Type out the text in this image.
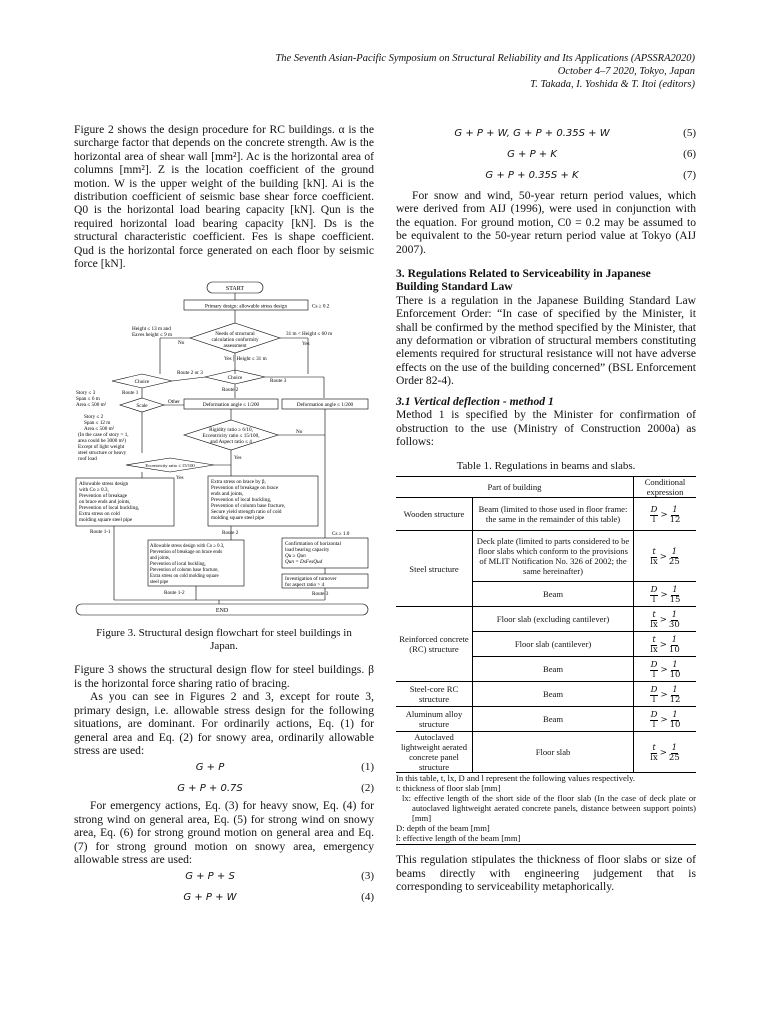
The Seventh Asian-Pacific Symposium on Structural Reliability and Its Applications (APSSRA2020)
October 4–7 2020, Tokyo, Japan
T. Takada, I. Yoshida & T. Itoi (editors)

Figure 2 shows the design procedure for RC buildings. α is the surcharge factor that depends on the concrete strength. Aw is the horizontal area of shear wall [mm²]. Ac is the horizontal area of columns [mm²]. Z is the location coefficient of the ground motion. W is the upper weight of the building [kN]. Ai is the distribution coefficient of seismic base shear force coefficient. Q0 is the horizontal load bearing capacity [kN]. Qun is the required horizontal load bearing capacity [kN]. Ds is the structural characteristic coefficient. Fes is shape coefficient. Qud is the horizontal force generated on each floor by seismic force [kN].

START
Primary design: allowable stress design	Cs ≥ 0.2
Needs of structural
calculation conformity
assessment
Height ≤ 13 m and
Eaves height ≤ 9 m	31 m < Height ≤ 60 m
No	Yes
Yes│ Height ≤ 31 m
Choice
Choice
Route 2 or 3
Route 1	Route 2
Route 3
Story ≤ 3
Span ≤ 6 m
Area ≤ 500 m²	Scale
Other	Deformation angle ≤ 1/200	Deformation angle ≤ 1/200
Story ≤ 2
Span ≤ 12 m
Area ≤ 500 m²
(In the case of story = 1,
area could be 3000 m²)
Except of light weight
steel structure or heavy
roof load
Rigidity ratio ≥ 6/10,
Eccentricity ratio ≤ 15/100,
and Aspect ratio ≤ 4
No
Yes
Eccentricity ratio ≤ 15/100
Yes
Allowable stress design
with Co ≥ 0.3,
Prevention of breakage
on brace ends and joints,
Prevention of local buckling,
Extra stress on cold
molding square steel pipe
Route 1-1
Extra stress on brace by β,
Prevention of breakage on brace
ends and joints,
Prevention of local buckling,
Prevention of column base fracture,
Secure yield strength ratio of cold
molding square steel pipe
Route 2	Cs ≥ 1.0
Allowable stress design with Co ≥ 0.3,
Prevention of breakage on brace ends
and joints,
Prevention of local buckling,
Prevention of column base fracture,
Extra stress on cold molding square
steel pipe
Route 1-2
Confirmation of horizontal
load bearing capacity
Qu ≥ Qun
Qun = DsFesQud
Investigation of turnover
for aspect ratio > 4
Route 3
END
Figure 3. Structural design flowchart for steel buildings in Japan.

Figure 3 shows the structural design flow for steel buildings. β is the horizontal force sharing ratio of bracing.

As you can see in Figures 2 and 3, except for route 3, primary design, i.e. allowable stress design for the following situations, are dominant. For ordinarily actions, Eq. (1) for general area and Eq. (2) for snowy area, ordinarily allowable stress are used:

G + P	(1)
G + P + 0.7S	(2)

For emergency actions, Eq. (3) for heavy snow, Eq. (4) for strong wind on general area, Eq. (5) for strong wind on snowy area, Eq. (6) for strong ground motion on general area and Eq. (7) for strong ground motion on snowy area, emergency allowable stress are used:

G + P + S	(3)
G + P + W	(4)
G + P + W, G + P + 0.35S + W	(5)
G + P + K	(6)
G + P + 0.35S + K	(7)

For snow and wind, 50-year return period values, which were derived from AIJ (1996), were used in conjunction with the equation. For ground motion, C0 = 0.2 may be assumed to be equivalent to the 50-year return period value at Tokyo (AIJ 2007).

3. Regulations Related to Serviceability in Japanese Building Standard Law

There is a regulation in the Japanese Building Standard Law Enforcement Order: “In case of specified by the Minister, it shall be confirmed by the method specified by the Minister, that any deformation or vibration of structural members constituting elements required for structural resistance will not have adverse effects on the use of the building concerned” (BSL Enforcement Order 82-4).

3.1 Vertical deflection - method 1

Method 1 is specified by the Minister for confirmation of obstruction to the use (Ministry of Construction 2000a) as follows:

Table 1. Regulations in beams and slabs.
Part of building		Conditional expression
Wooden structure	Beam (limited to those used in floor frame: the same in the remainder of this table)	D
l >
1
12

Steel structure	Deck plate (limited to parts considered to be floor slabs which conform to the provisions of MLIT Notification No. 326 of 2002; the same hereinafter)	t
lx >
1
25

	Beam	D
l >
1
15

Reinforced concrete (RC) structure	Floor slab (excluding cantilever)	t
lx >
1
30

	Floor slab (cantilever)	t
lx >
1
10

	Beam	D
l >
1
10

Steel-core RC structure	Beam	D
l >
1
12

Aluminum alloy structure	Beam	D
l >
1
10

Autoclaved lightweight aerated concrete panel structure	Floor slab	t
lx >
1
25
In this table, t, lx, D and l represent the following values respectively.
t: thickness of floor slab [mm]
lx: effective length of the short side of the floor slab (In the case of deck plate or autoclaved lightweight aerated concrete panels, distance between support points) [mm]
D: depth of the beam [mm]
l: effective length of the beam [mm]

This regulation stipulates the thickness of floor slabs or size of beams directly with engineering judgement that is corresponding to serviceability metaphorically.
